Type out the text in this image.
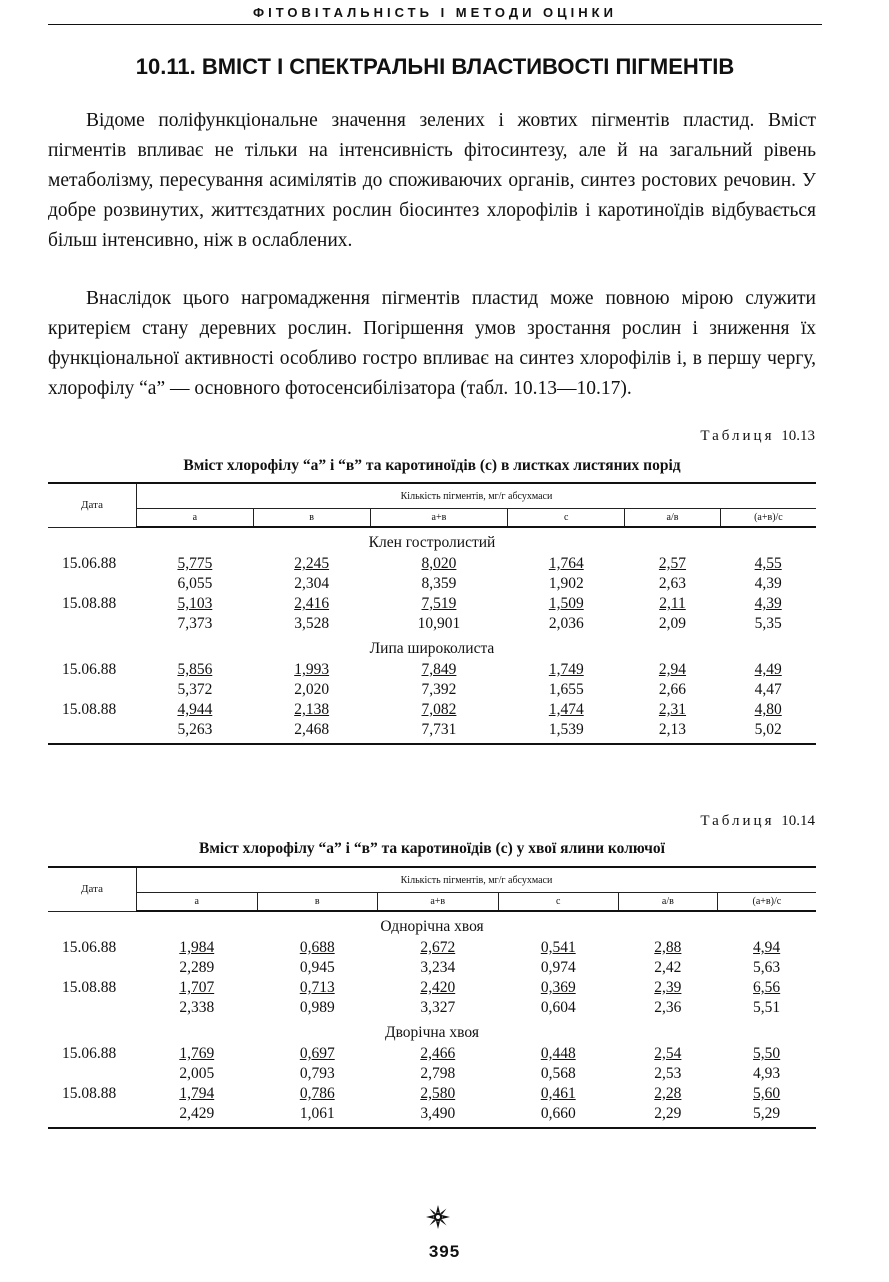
ФІТОВІТАЛЬНІСТЬ І МЕТОДИ ОЦІНКИ
10.11. ВМІСТ І СПЕКТРАЛЬНІ ВЛАСТИВОСТІ ПІГМЕНТІВ

Відоме поліфункціональне значення зелених і жовтих пігментів пластид. Вміст пігментів впливає не тільки на інтенсивність фітосинтезу, але й на загальний рівень метаболізму, пересування асимілятів до споживаючих органів, синтез ростових речовин. У добре розвинутих, життєздатних рослин біосинтез хлорофілів і каротиноїдів відбувається більш інтенсивно, ніж в ослаблених.

Внаслідок цього нагромадження пігментів пластид може повною мірою служити критерієм стану деревних рослин. Погіршення умов зростання рослин і зниження їх функціональної активності особливо гостро впливає на синтез хлорофілів і, в першу чергу, хлорофілу “а” — основного фотосенсибілізатора (табл. 10.13—10.17).

Таблиця 10.13

Вміст хлорофілу “а” і “в” та каротиноїдів (с) в листках листяних порід

Дата	Кількість пігментів, мг/г абсухмаси					
	а	в	а+в	с	а/в	(а+в)/с
Клен гостролистий						
15.06.88	5,775	2,245	8,020	1,764	2,57	4,55
	6,055	2,304	8,359	1,902	2,63	4,39
15.08.88	5,103	2,416	7,519	1,509	2,11	4,39
	7,373	3,528	10,901	2,036	2,09	5,35
Липа широколиста						
15.06.88	5,856	1,993	7,849	1,749	2,94	4,49
	5,372	2,020	7,392	1,655	2,66	4,47
15.08.88	4,944	2,138	7,082	1,474	2,31	4,80
	5,263	2,468	7,731	1,539	2,13	5,02
Таблиця 10.14

Вміст хлорофілу “а” і “в” та каротиноїдів (с) у хвої ялини колючої

Дата	Кількість пігментів, мг/г абсухмаси					
	а	в	а+в	с	а/в	(а+в)/с
Однорічна хвоя						
15.06.88	1,984	0,688	2,672	0,541	2,88	4,94
	2,289	0,945	3,234	0,974	2,42	5,63
15.08.88	1,707	0,713	2,420	0,369	2,39	6,56
	2,338	0,989	3,327	0,604	2,36	5,51
Дворічна хвоя						
15.06.88	1,769	0,697	2,466	0,448	2,54	5,50
	2,005	0,793	2,798	0,568	2,53	4,93
15.08.88	1,794	0,786	2,580	0,461	2,28	5,60
	2,429	1,061	3,490	0,660	2,29	5,29
395
